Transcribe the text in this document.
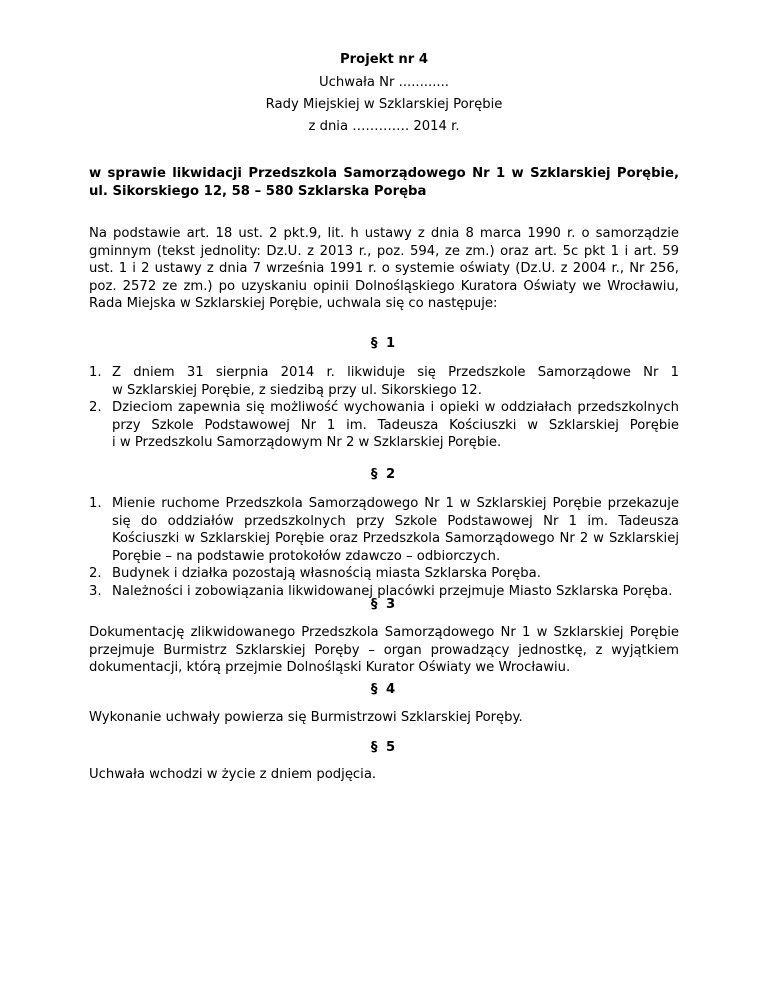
Projekt nr 4
Uchwała Nr ............
Rady Miejskiej w Szklarskiej Porębie
z dnia …………. 2014 r.
w sprawie likwidacji Przedszkola Samorządowego Nr 1 w Szklarskiej Porębie,
ul. Sikorskiego 12, 58 – 580 Szklarska Poręba
Na podstawie art. 18 ust. 2 pkt.9, lit. h ustawy z dnia 8 marca 1990 r. o samorządzie
gminnym (tekst jednolity: Dz.U. z 2013 r., poz. 594, ze zm.) oraz art. 5c pkt 1 i art. 59
ust. 1 i 2 ustawy z dnia 7 września 1991 r. o systemie oświaty (Dz.U. z 2004 r., Nr 256,
poz. 2572 ze zm.) po uzyskaniu opinii Dolnośląskiego Kuratora Oświaty we Wrocławiu,
Rada Miejska w Szklarskiej Porębie, uchwala się co następuje:
§ 1
1. Z dniem 31 sierpnia 2014 r. likwiduje się Przedszkole Samorządowe Nr 1
w Szklarskiej Porębie, z siedzibą przy ul. Sikorskiego 12.
2. Dzieciom zapewnia się możliwość wychowania i opieki w oddziałach przedszkolnych
przy Szkole Podstawowej Nr 1 im. Tadeusza Kościuszki w Szklarskiej Porębie
i w Przedszkolu Samorządowym Nr 2 w Szklarskiej Porębie.
§ 2
1. Mienie ruchome Przedszkola Samorządowego Nr 1 w Szklarskiej Porębie przekazuje
się do oddziałów przedszkolnych przy Szkole Podstawowej Nr 1 im. Tadeusza
Kościuszki w Szklarskiej Porębie oraz Przedszkola Samorządowego Nr 2 w Szklarskiej
Porębie – na podstawie protokołów zdawczo – odbiorczych.
2. Budynek i działka pozostają własnością miasta Szklarska Poręba.
3. Należności i zobowiązania likwidowanej placówki przejmuje Miasto Szklarska Poręba.
§ 3
Dokumentację zlikwidowanego Przedszkola Samorządowego Nr 1 w Szklarskiej Porębie
przejmuje Burmistrz Szklarskiej Poręby – organ prowadzący jednostkę, z wyjątkiem
dokumentacji, którą przejmie Dolnośląski Kurator Oświaty we Wrocławiu.
§ 4
Wykonanie uchwały powierza się Burmistrzowi Szklarskiej Poręby.
§ 5
Uchwała wchodzi w życie z dniem podjęcia.
